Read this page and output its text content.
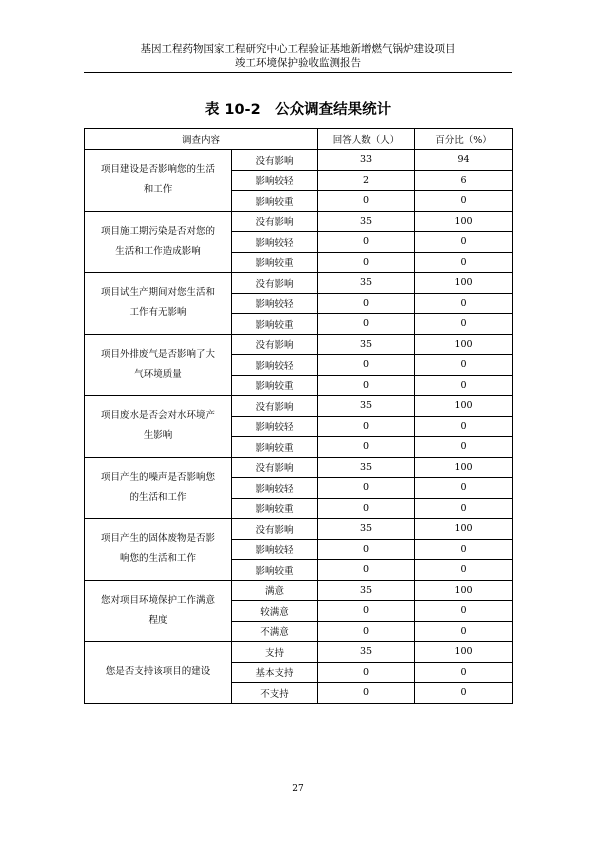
基因工程药物国家工程研究中心工程验证基地新增燃气锅炉建设项目
竣工环境保护验收监测报告
表 10-2　公众调查结果统计
调查内容		回答人数（人）	百分比（%）
项目建设是否影响您的生活和工作	没有影响	33	94
	影响较轻	2	6
	影响较重	0	0
项目施工期污染是否对您的生活和工作造成影响	没有影响	35	100
	影响较轻	0	0
	影响较重	0	0
项目试生产期间对您生活和工作有无影响	没有影响	35	100
	影响较轻	0	0
	影响较重	0	0
项目外排废气是否影响了大气环境质量	没有影响	35	100
	影响较轻	0	0
	影响较重	0	0
项目废水是否会对水环境产生影响	没有影响	35	100
	影响较轻	0	0
	影响较重	0	0
项目产生的噪声是否影响您的生活和工作	没有影响	35	100
	影响较轻	0	0
	影响较重	0	0
项目产生的固体废物是否影响您的生活和工作	没有影响	35	100
	影响较轻	0	0
	影响较重	0	0
您对项目环境保护工作满意程度	满意	35	100
	较满意	0	0
	不满意	0	0
您是否支持该项目的建设	支持	35	100
	基本支持	0	0
	不支持	0	0
27
